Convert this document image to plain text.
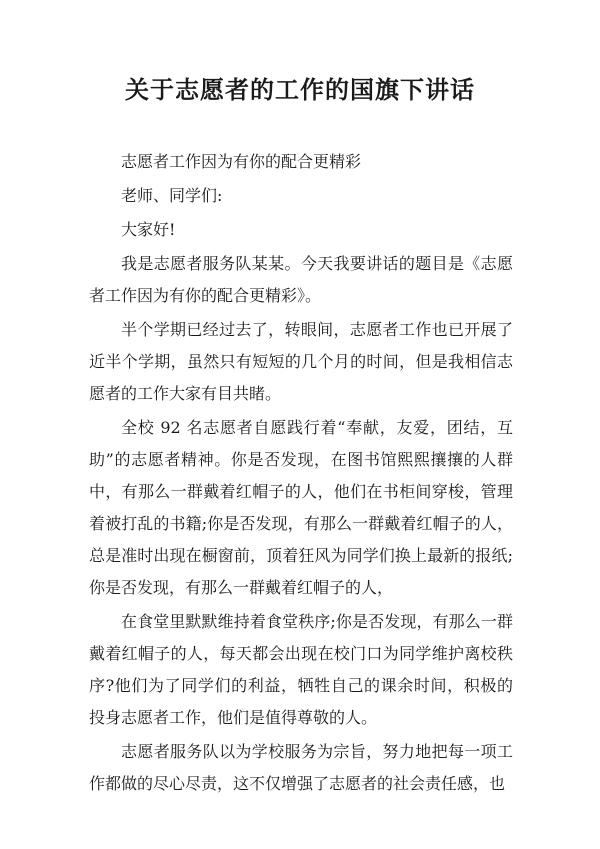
关于志愿者的工作的国旗下讲话

志愿者工作因为有你的配合更精彩

老师、同学们:

大家好!

我是志愿者服务队某某。今天我要讲话的题目是《志愿者工作因为有你的配合更精彩》。

半个学期已经过去了，转眼间，志愿者工作也已开展了近半个学期，虽然只有短短的几个月的时间，但是我相信志愿者的工作大家有目共睹。

全校 92 名志愿者自愿践行着“奉献，友爱，团结，互助”的志愿者精神。你是否发现，在图书馆熙熙攘攘的人群中，有那么一群戴着红帽子的人，他们在书柜间穿梭，管理着被打乱的书籍;你是否发现，有那么一群戴着红帽子的人，总是准时出现在橱窗前，顶着狂风为同学们换上最新的报纸;你是否发现，有那么一群戴着红帽子的人，

在食堂里默默维持着食堂秩序;你是否发现，有那么一群戴着红帽子的人，每天都会出现在校门口为同学维护离校秩序?他们为了同学们的利益，牺牲自己的课余时间，积极的投身志愿者工作，他们是值得尊敬的人。

志愿者服务队以为学校服务为宗旨，努力地把每一项工作都做的尽心尽责，这不仅增强了志愿者的社会责任感，也
